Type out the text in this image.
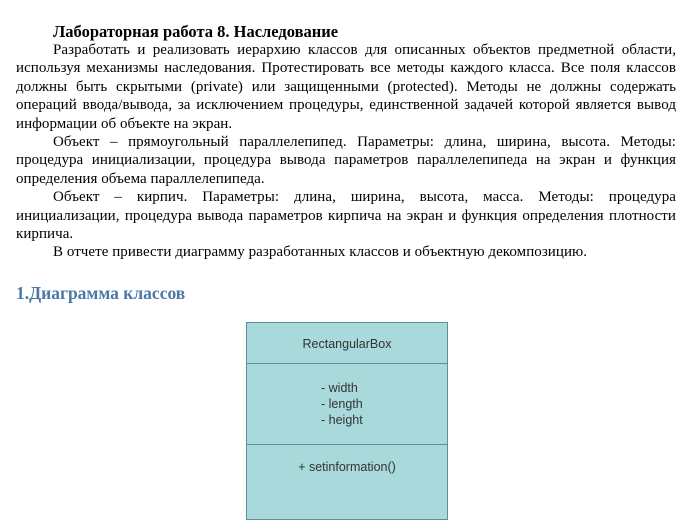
Лабораторная работа 8. Наследование

Разработать и реализовать иерархию классов для описанных объектов предметной области, используя механизмы наследования. Протестировать все методы каждого класса. Все поля классов должны быть скрытыми (private) или защищенными (protected). Методы не должны содержать операций ввода/вывода, за исключением процедуры, единственной задачей которой является вывод информации об объекте на экран.

Объект – прямоугольный параллелепипед. Параметры: длина, ширина, высота. Методы: процедура инициализации, процедура вывода параметров параллелепипеда на экран и функция определения объема параллелепипеда.

Объект – кирпич. Параметры: длина, ширина, высота, масса. Методы: процедура инициализации, процедура вывода параметров кирпича на экран и функция определения плотности кирпича.

В отчете привести диаграмму разработанных классов и объектную декомпозицию.

1.Диаграмма классов
RectangularBox
- width
- length
- height
+ setinformation()
